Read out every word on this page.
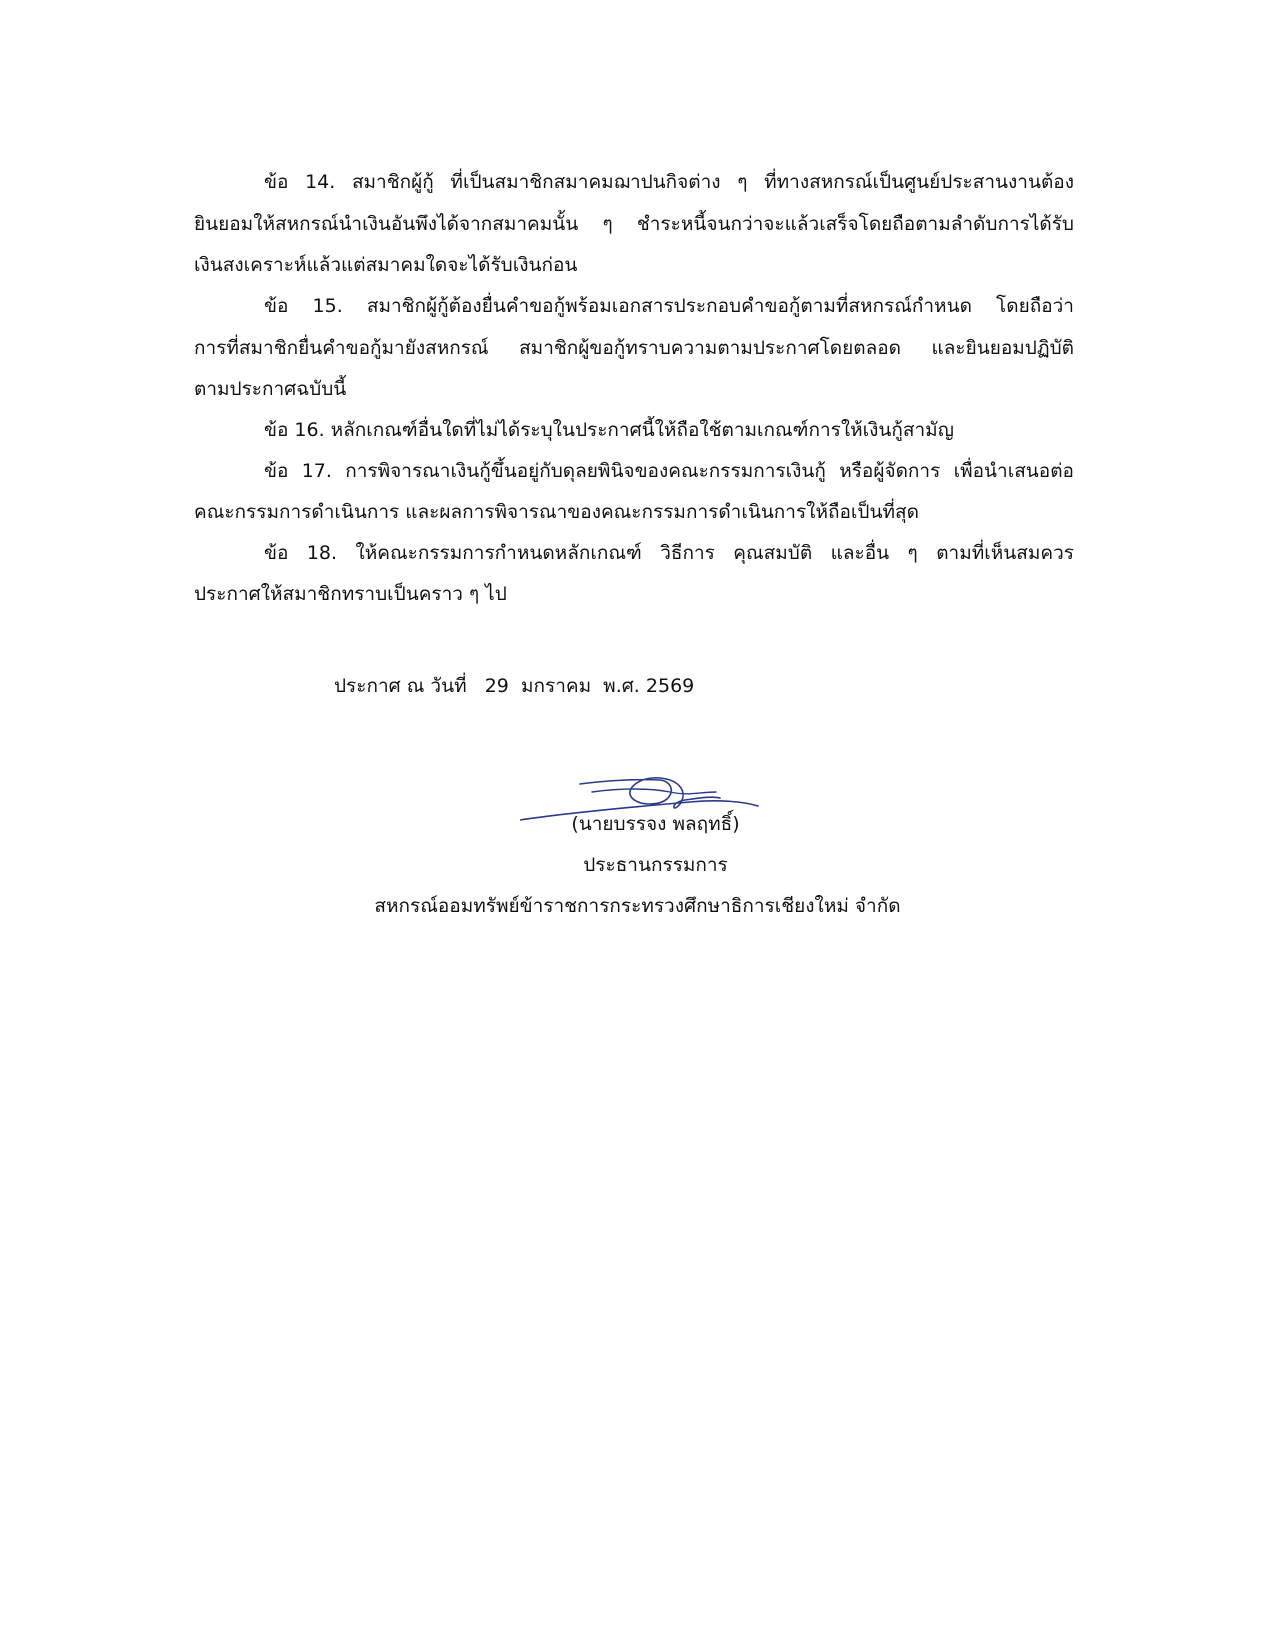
ข้อ 14. สมาชิกผู้กู้ ที่เป็นสมาชิกสมาคมฌาปนกิจต่าง ๆ ที่ทางสหกรณ์เป็นศูนย์ประสานงานต้อง
ยินยอมให้สหกรณ์นำเงินอันพึงได้จากสมาคมนั้น ๆ ชำระหนี้จนกว่าจะแล้วเสร็จโดยถือตามลำดับการได้รับ
เงินสงเคราะห์แล้วแต่สมาคมใดจะได้รับเงินก่อน
ข้อ 15. สมาชิกผู้กู้ต้องยื่นคำขอกู้พร้อมเอกสารประกอบคำขอกู้ตามที่สหกรณ์กำหนด โดยถือว่า
การที่สมาชิกยื่นคำขอกู้มายังสหกรณ์ สมาชิกผู้ขอกู้ทราบความตามประกาศโดยตลอด และยินยอมปฏิบัติ
ตามประกาศฉบับนี้
ข้อ 16. หลักเกณฑ์อื่นใดที่ไม่ได้ระบุในประกาศนี้ให้ถือใช้ตามเกณฑ์การให้เงินกู้สามัญ
ข้อ 17. การพิจารณาเงินกู้ขึ้นอยู่กับดุลยพินิจของคณะกรรมการเงินกู้ หรือผู้จัดการ เพื่อนำเสนอต่อ
คณะกรรมการดำเนินการ และผลการพิจารณาของคณะกรรมการดำเนินการให้ถือเป็นที่สุด
ข้อ 18. ให้คณะกรรมการกำหนดหลักเกณฑ์ วิธีการ คุณสมบัติ และอื่น ๆ ตามที่เห็นสมควร
ประกาศให้สมาชิกทราบเป็นคราว ๆ ไป
ประกาศ ณ วันที่   29  มกราคม  พ.ศ. 2569
(นายบรรจง พลฤทธิ์)
ประธานกรรมการ
สหกรณ์ออมทรัพย์ข้าราชการกระทรวงศึกษาธิการเชียงใหม่ จำกัด
